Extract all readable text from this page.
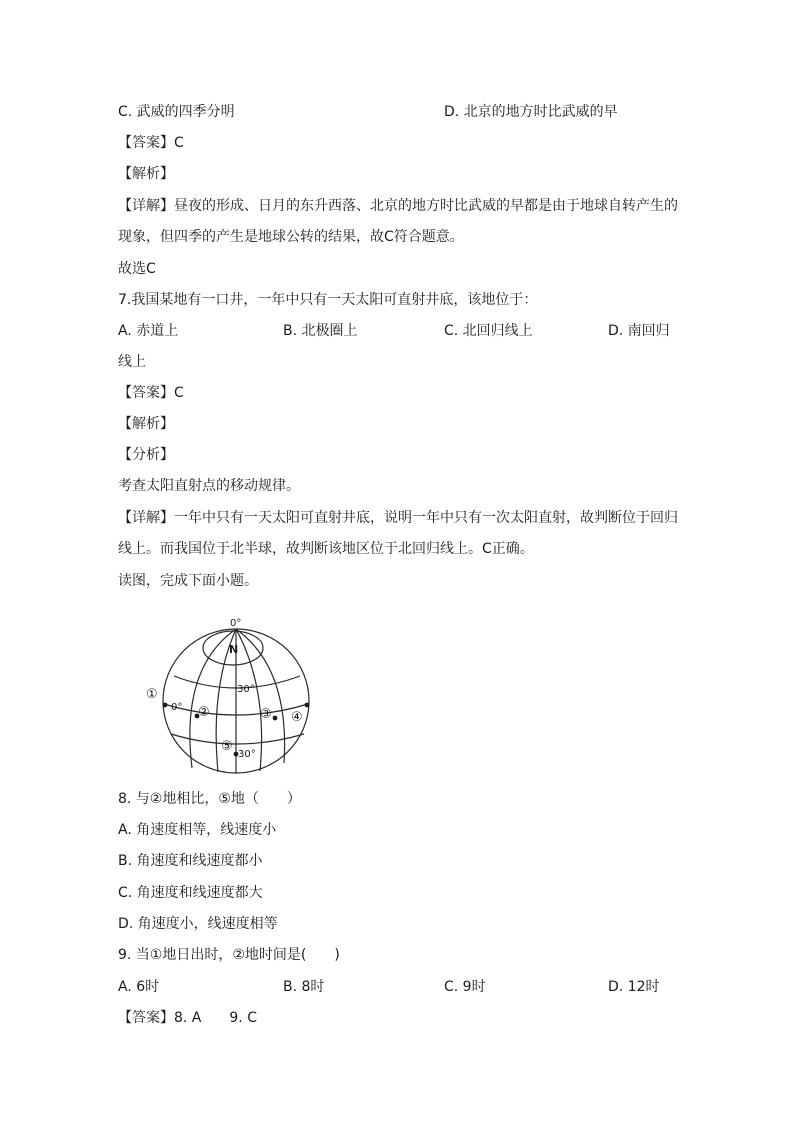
C. 武威的四季分明	D. 北京的地方时比武威的早
【答案】C
【解析】
【详解】昼夜的形成、日月的东升西落、北京的地方时比武威的早都是由于地球自转产生的
现象，但四季的产生是地球公转的结果，故C符合题意。
故选C
7.我国某地有一口井，一年中只有一天太阳可直射井底，该地位于：
A. 赤道上	B. 北极圈上	C. 北回归线上	D. 南回归
线上
【答案】C
【解析】
【分析】
考查太阳直射点的移动规律。
【详解】一年中只有一天太阳可直射井底，说明一年中只有一次太阳直射，故判断位于回归
线上。而我国位于北半球，故判断该地区位于北回归线上。C正确。
读图，完成下面小题。
0°
N
30°
0°
30°
①
②	③ ④
⑤
8. 与②地相比，⑤地（　　）
A. 角速度相等，线速度小
B. 角速度和线速度都小
C. 角速度和线速度都大
D. 角速度小，线速度相等
9. 当①地日出时，②地时间是(　　)
A. 6时	B. 8时	C. 9时	D. 12时
【答案】8. A　　9. C
